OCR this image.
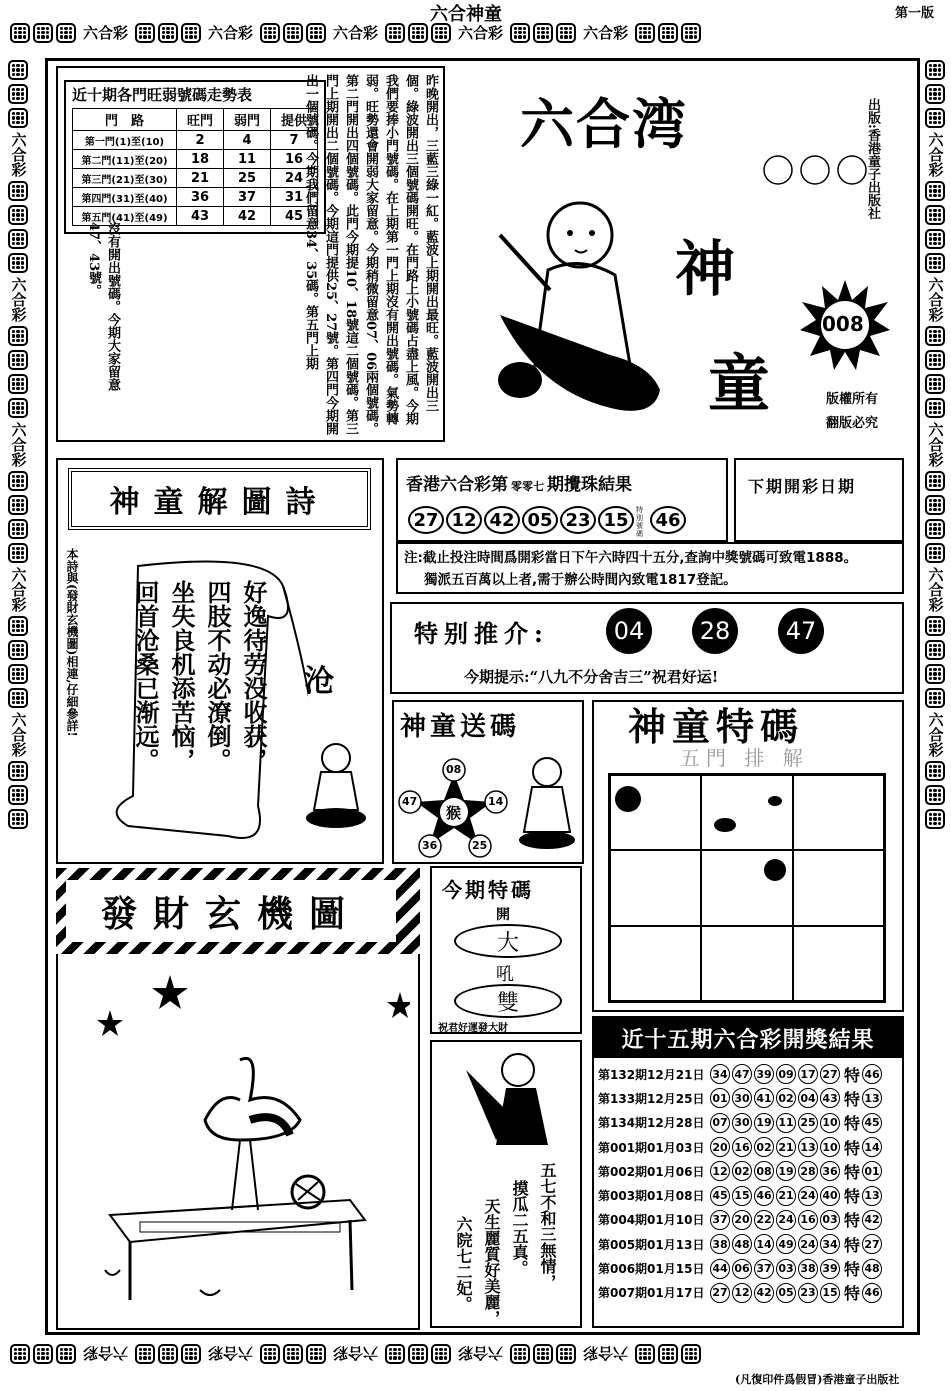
六合神童	第一版
六合彩	六合彩	六合彩	六合彩	六合彩
六合彩	六合彩	六合彩	六合彩	六合彩
(凡復印件爲假冒)香港童子出版社
六合彩
六合彩
六合彩
六合彩
六合彩
六合彩
六合彩
六合彩
六合彩
六合彩
近十期各門旺弱號碼走勢表
門　路	旺門	弱門	提供
第一門(1)至(10)	2	4	7
第二門(11)至(20)	18	11	16
第三門(21)至(30)	21	25	24
第四門(31)至(40)	36	37	31
第五門(41)至(49)	43	42	45
沒有開出號碼。今期大家留意47、43號。	昨晚開出，三藍三綠一紅。藍波上期開出最旺。藍波開出三個。綠波開出三個號碼開旺。在門路上小號碼占盡上風。今期我們要捧小門號碼。在上期第一門上期沒有開出號碼。氣勢轉弱。旺勢還會開弱大家留意。今期稍微留意07、06兩個號碼。第二門開出四個號碼。此門今期提10、18號這二個號碼。第三門上期開出二個號碼。今期這門提供25、27號。第四門今期開出一個號碼。今期我們留意34、35碼。第五門上期	六合湾
神
童
出版:香港童子出版社
008
版權所有
翻版必究
神童解圖詩
本詩與(發財玄機圖)相連,仔細參詳!	好逸待劳没收获，
四肢不动必潦倒。
坐失良机添苦恼，
回首沧桑已渐远。	沧
香港六合彩第 零零七 期攪珠結果
27 12 42 05 23 15	特別號碼
46
下期開彩日期
注:截止投注時間爲開彩當日下午六時四十五分,查詢中獎號碼可致電1888。
獨派五百萬以上者,需于辦公時間內致電1817登記。
特别推介:	04	28	47
今期提示:“八九不分舍吉三”祝君好运!
神童送碼
猴
08
14
25
36
47
神童特碼
五門 排 解
發財玄機圖
今期特碼
開
大
吼
雙
祝君好運發大財
五七不和三無情，
摸瓜二五真。
天生麗質好美麗，
六院七二妃。
近十五期六合彩開獎結果
第132期12月21日 34 47 39 09 17 27 特 46
第133期12月25日 01 30 41 02 04 43 特 13
第134期12月28日 07 30 19 11 25 10 特 45
第001期01月03日 20 16 02 21 13 10 特 14
第002期01月06日 12 02 08 19 28 36 特 01
第003期01月08日 45 15 46 21 24 40 特 13
第004期01月10日 37 20 22 24 16 03 特 42
第005期01月13日 38 48 14 49 24 34 特 27
第006期01月15日 44 06 37 03 38 39 特 48
第007期01月17日 27 12 42 05 23 15 特 46
